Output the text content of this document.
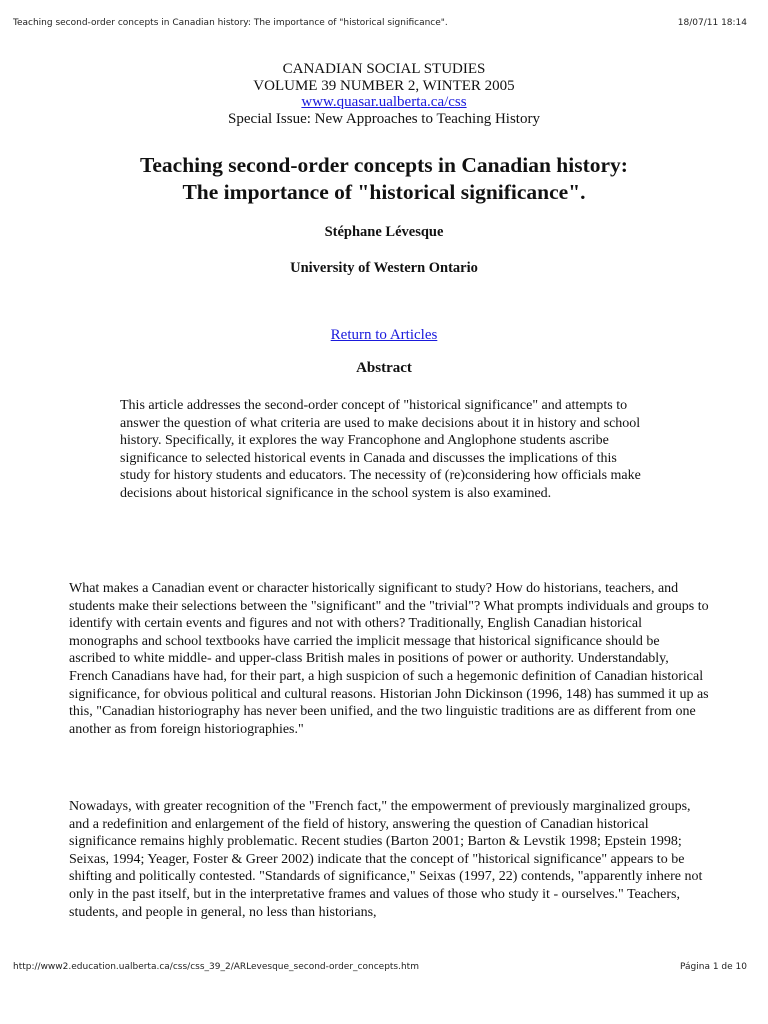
Teaching second-order concepts in Canadian history: The importance of "historical significance".	18/07/11 18:14
CANADIAN SOCIAL STUDIES
VOLUME 39 NUMBER 2, WINTER 2005
www.quasar.ualberta.ca/css
Special Issue: New Approaches to Teaching History
Teaching second-order concepts in Canadian history:
The importance of "historical significance".
Stéphane Lévesque
University of Western Ontario
Return to Articles
Abstract
This article addresses the second-order concept of "historical significance" and attempts to answer the question of what criteria are used to make decisions about it in history and school history. Specifically, it explores the way Francophone and Anglophone students ascribe significance to selected historical events in Canada and discusses the implications of this study for history students and educators. The necessity of (re)considering how officials make decisions about historical significance in the school system is also examined.

What makes a Canadian event or character historically significant to study? How do historians, teachers, and students make their selections between the "significant" and the "trivial"? What prompts individuals and groups to identify with certain events and figures and not with others? Traditionally, English Canadian historical monographs and school textbooks have carried the implicit message that historical significance should be ascribed to white middle- and upper-class British males in positions of power or authority. Understandably, French Canadians have had, for their part, a high suspicion of such a hegemonic definition of Canadian historical significance, for obvious political and cultural reasons. Historian John Dickinson (1996, 148) has summed it up as this, "Canadian historiography has never been unified, and the two linguistic traditions are as different from one another as from foreign historiographies."

Nowadays, with greater recognition of the "French fact," the empowerment of previously marginalized groups, and a redefinition and enlargement of the field of history, answering the question of Canadian historical significance remains highly problematic. Recent studies (Barton 2001; Barton & Levstik 1998; Epstein 1998; Seixas, 1994; Yeager, Foster & Greer 2002) indicate that the concept of "historical significance" appears to be shifting and politically contested. "Standards of significance," Seixas (1997, 22) contends, "apparently inhere not only in the past itself, but in the interpretative frames and values of those who study it - ourselves." Teachers, students, and people in general, no less than historians,

http://www2.education.ualberta.ca/css/css_39_2/ARLevesque_second-order_concepts.htm	Página 1 de 10
